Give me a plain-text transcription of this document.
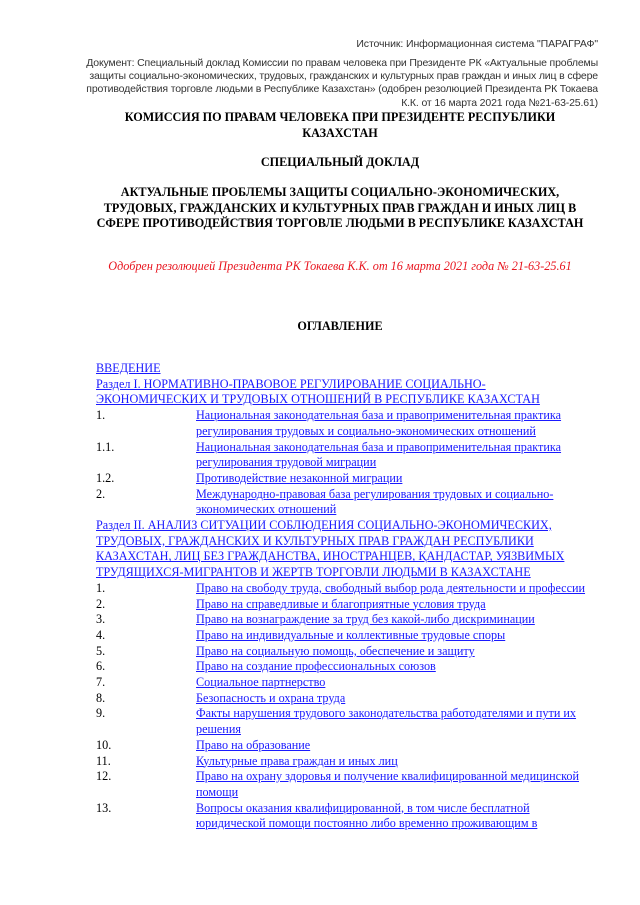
Источник: Информационная система "ПАРАГРАФ"
Документ: Специальный доклад Комиссии по правам человека при Президенте РК «Актуальные проблемы защиты социально-экономических, трудовых, гражданских и культурных прав граждан и иных лиц в сфере противодействия торговле людьми в Республике Казахстан» (одобрен резолюцией Президента РК Токаева К.К. от 16 марта 2021 года №21-63-25.61)
КОМИССИЯ ПО ПРАВАМ ЧЕЛОВЕКА ПРИ ПРЕЗИДЕНТЕ РЕСПУБЛИКИ КАЗАХСТАН
СПЕЦИАЛЬНЫЙ ДОКЛАД
АКТУАЛЬНЫЕ ПРОБЛЕМЫ ЗАЩИТЫ СОЦИАЛЬНО-ЭКОНОМИЧЕСКИХ, ТРУДОВЫХ, ГРАЖДАНСКИХ И КУЛЬТУРНЫХ ПРАВ ГРАЖДАН И ИНЫХ ЛИЦ В СФЕРЕ ПРОТИВОДЕЙСТВИЯ ТОРГОВЛЕ ЛЮДЬМИ В РЕСПУБЛИКЕ КАЗАХСТАН
Одобрен резолюцией Президента РК Токаева К.К. от 16 марта 2021 года № 21-63-25.61
ОГЛАВЛЕНИЕ
ВВЕДЕНИЕ
Раздел I. НОРМАТИВНО-ПРАВОВОЕ РЕГУЛИРОВАНИЕ СОЦИАЛЬНО-ЭКОНОМИЧЕСКИХ И ТРУДОВЫХ ОТНОШЕНИЙ В РЕСПУБЛИКЕ КАЗАХСТАН
1.	Национальная законодательная база и правоприменительная практика регулирования трудовых и социально-экономических отношений
1.1.	Национальная законодательная база и правоприменительная практика регулирования трудовой миграции
1.2.	Противодействие незаконной миграции
2.	Международно-правовая база регулирования трудовых и социально-экономических отношений
Раздел II. АНАЛИЗ СИТУАЦИИ СОБЛЮДЕНИЯ СОЦИАЛЬНО-ЭКОНОМИЧЕСКИХ, ТРУДОВЫХ, ГРАЖДАНСКИХ И КУЛЬТУРНЫХ ПРАВ ГРАЖДАН РЕСПУБЛИКИ КАЗАХСТАН, ЛИЦ БЕЗ ГРАЖДАНСТВА, ИНОСТРАНЦЕВ, ҚАНДАСТАР, УЯЗВИМЫХ ТРУДЯЩИХСЯ-МИГРАНТОВ И ЖЕРТВ ТОРГОВЛИ ЛЮДЬМИ В КАЗАХСТАНЕ
1.	Право на свободу труда, свободный выбор рода деятельности и профессии
2.	Право на справедливые и благоприятные условия труда
3.	Право на вознаграждение за труд без какой-либо дискриминации
4.	Право на индивидуальные и коллективные трудовые споры
5.	Право на социальную помощь, обеспечение и защиту
6.	Право на создание профессиональных союзов
7.	Социальное партнерство
8.	Безопасность и охрана труда
9.	Факты нарушения трудового законодательства работодателями и пути их решения
10.	Право на образование
11.	Культурные права граждан и иных лиц
12.	Право на охрану здоровья и получение квалифицированной медицинской помощи
13.	Вопросы оказания квалифицированной, в том числе бесплатной юридической помощи постоянно либо временно проживающим в
